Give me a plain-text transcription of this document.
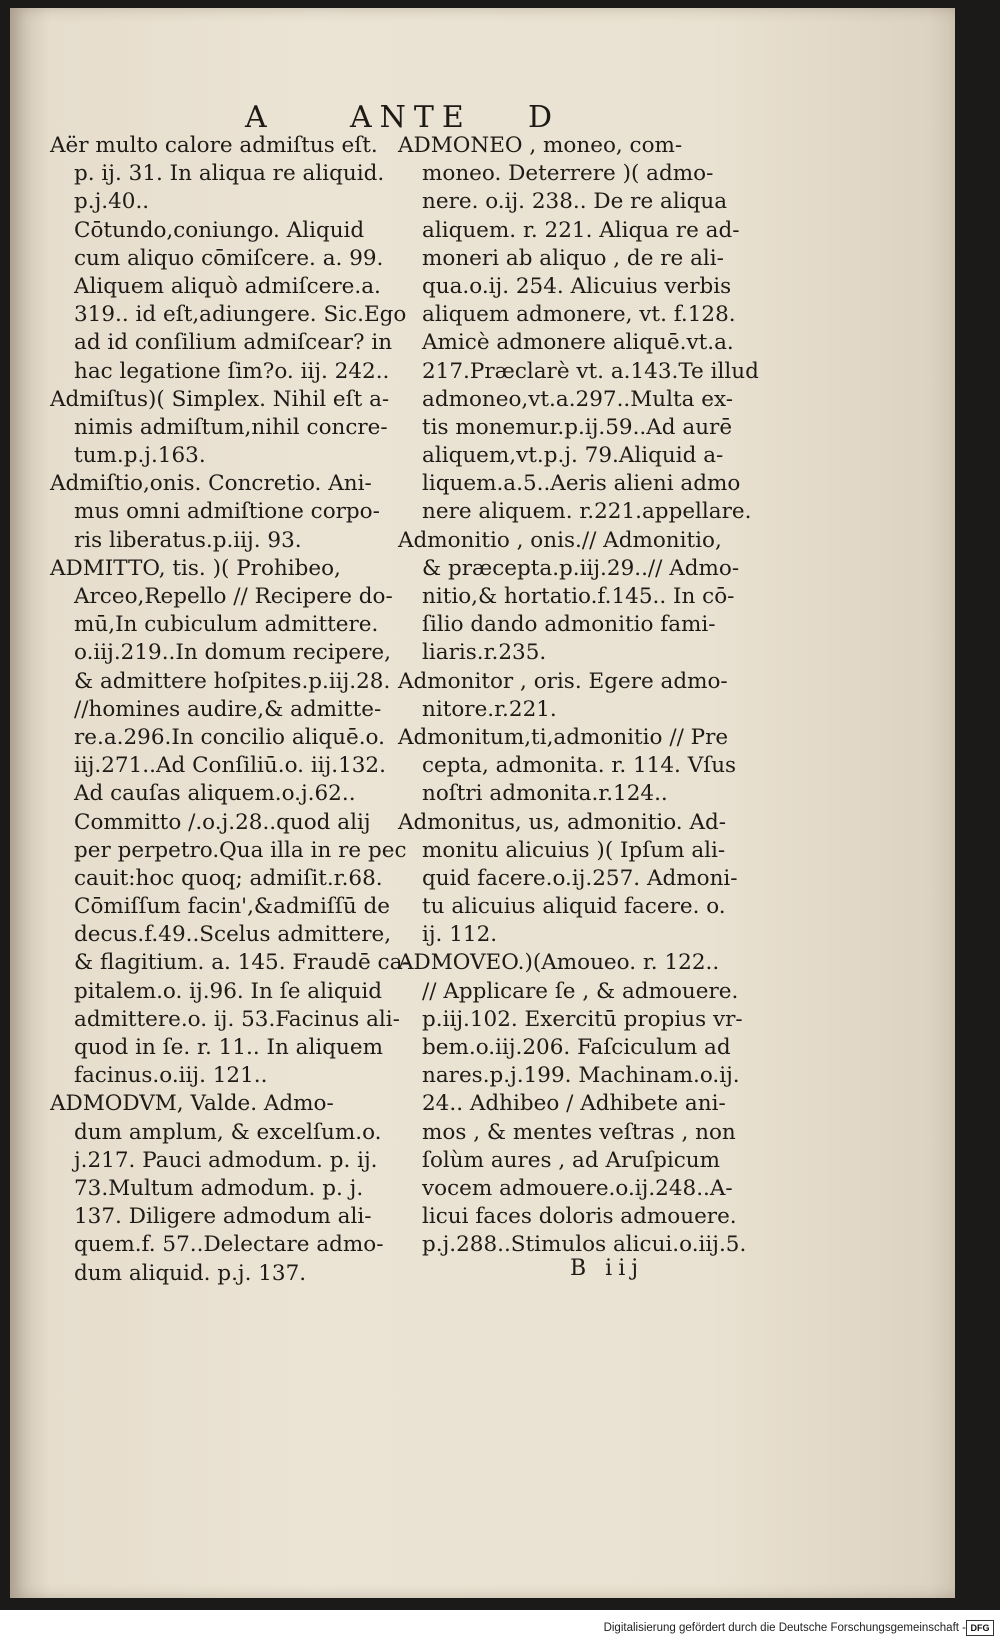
A	ANTE D
Aër multo calore admiſtus eſt.
p. ij. 31. In aliqua re aliquid.
p.j.40..
Cōtundo,coniungo. Aliquid
cum aliquo cōmiſcere. a. 99.
Aliquem aliquò admiſcere.a.
319.. id eſt,adiungere. Sic.Ego
ad id conſilium admiſcear? in
hac legatione ſim?o. iij. 242..
Admiſtus)( Simplex. Nihil eſt a-
nimis admiſtum,nihil concre-
tum.p.j.163.
Admiſtio,onis. Concretio. Ani-
mus omni admiſtione corpo-
ris liberatus.p.iij. 93.
ADMITTO, tis. )( Prohibeo,
Arceo,Repello // Recipere do-
mū,In cubiculum admittere.
o.iij.219..In domum recipere,
& admittere hoſpites.p.iij.28.
//homines audire,& admitte-
re.a.296.In concilio aliquē.o.
iij.271..Ad Conſiliū.o. iij.132.
Ad cauſas aliquem.o.j.62..
Committo /.o.j.28..quod alij
per perpetro.Qua illa in re pec
cauit:hoc quoq; admiſit.r.68.
Cōmiſſum facin',&admiſſū de
decus.f.49..Scelus admittere,
& flagitium. a. 145. Fraudē ca-
pitalem.o. ij.96. In ſe aliquid
admittere.o. ij. 53.Facinus ali-
quod in ſe. r. 11.. In aliquem
facinus.o.iij. 121..
ADMODVM, Valde. Admo-
dum amplum, & excelſum.o.
j.217. Pauci admodum. p. ij.
73.Multum admodum. p. j.
137. Diligere admodum ali-
quem.f. 57..Delectare admo-
dum aliquid. p.j. 137.
ADMONEO , moneo, com-
moneo. Deterrere )( admo-
nere. o.ij. 238.. De re aliqua
aliquem. r. 221. Aliqua re ad-
moneri ab aliquo , de re ali-
qua.o.ij. 254. Alicuius verbis
aliquem admonere, vt. f.128.
Amicè admonere aliquē.vt.a.
217.Præclarè vt. a.143.Te illud
admoneo,vt.a.297..Multa ex-
tis monemur.p.ij.59..Ad aurē
aliquem,vt.p.j. 79.Aliquid a-
liquem.a.5..Aeris alieni admo
nere aliquem. r.221.appellare.
Admonitio , onis.// Admonitio,
& præcepta.p.iij.29..// Admo-
nitio,& hortatio.f.145.. In cō-
ſilio dando admonitio fami-
liaris.r.235.
Admonitor , oris. Egere admo-
nitore.r.221.
Admonitum,ti,admonitio // Pre
cepta, admonita. r. 114. Vſus
noſtri admonita.r.124..
Admonitus, us, admonitio. Ad-
monitu alicuius )( Ipſum ali-
quid facere.o.ij.257. Admoni-
tu alicuius aliquid facere. o.
ij. 112.
ADMOVEO.)(Amoueo. r. 122..
// Applicare ſe , & admouere.
p.iij.102. Exercitū propius vr-
bem.o.iij.206. Faſciculum ad
nares.p.j.199. Machinam.o.ij.
24.. Adhibeo / Adhibete ani-
mos , & mentes veſtras , non
ſolùm aures , ad Aruſpicum
vocem admouere.o.ij.248..A-
licui faces doloris admouere.
p.j.288..Stimulos alicui.o.iij.5.
B iij
Digitalisierung gefördert durch die Deutsche Forschungsgemeinschaft - DFG
